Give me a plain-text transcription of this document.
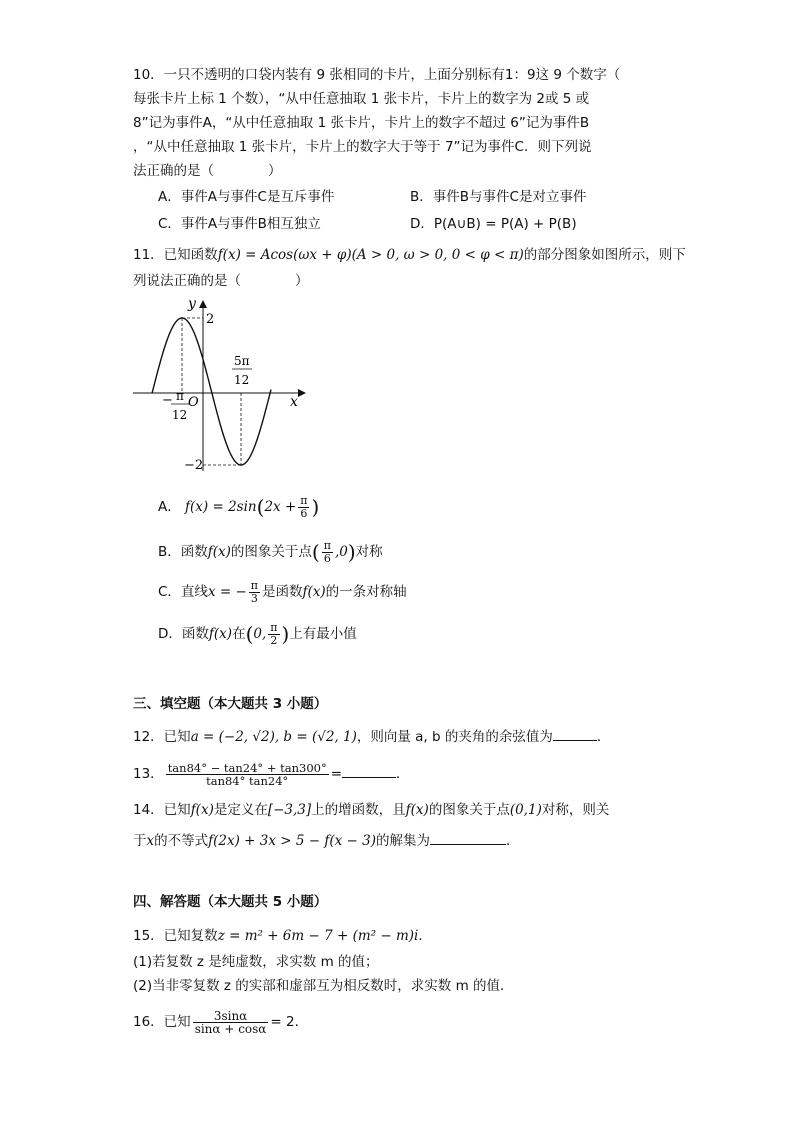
10．一只不透明的口袋内装有 9 张相同的卡片，上面分别标有1：9这 9 个数字（
每张卡片上标 1 个数），“从中任意抽取 1 张卡片，卡片上的数字为 2或 5 或
8”记为事件A，“从中任意抽取 1 张卡片，卡片上的数字不超过 6”记为事件B
，“从中任意抽取 1 张卡片，卡片上的数字大于等于 7”记为事件C．则下列说
法正确的是（　　　　）
A．事件A与事件C是互斥事件	B．事件B与事件C是对立事件
C．事件A与事件B相互独立	D．P(A∪B) = P(A) + P(B)
11．已知函数f(x) = Acos(ωx + φ)(A > 0, ω > 0, 0 < φ < π)的部分图象如图所示，则下
列说法正确的是（　　　　）
y
x
O
2
−2
− π
12
5π
12
A． $f(x) = 2\sin(2x + \frac{\pi}{6}$ )
B．函数f(x)的图象关于点( $\frac{\pi}{6} ,0$)对称
C．直线x = − $\frac{\pi}{3}$ 是函数f(x)的一条对称轴
D．函数f(x)在(0, $\frac{\pi}{2}$ )上有最小值
三、填空题（本大题共 3 小题）
12．已知a = (−2, √2), b = (√2, 1)，则向量 a, b 的夹角的余弦值为	．
13． $\frac{\tan 84^\circ - \tan 24^\circ + \tan 300^\circ}{\tan 84^\circ \tan 24^\circ}$ =	．
14．已知f(x)是定义在[−3,3]上的增函数，且f(x)的图象关于点(0,1)对称，则关
于x的不等式f(2x) + 3x > 5 − f(x − 3)的解集为	．
四、解答题（本大题共 5 小题）
15．已知复数z = m² + 6m − 7 + (m² − m)i．
(1)若复数 z 是纯虚数，求实数 m 的值；
(2)当非零复数 z 的实部和虚部互为相反数时，求实数 m 的值．
16．已知 $\frac{3\sin\alpha}{\sin\alpha + \cos\alpha} = 2$．
